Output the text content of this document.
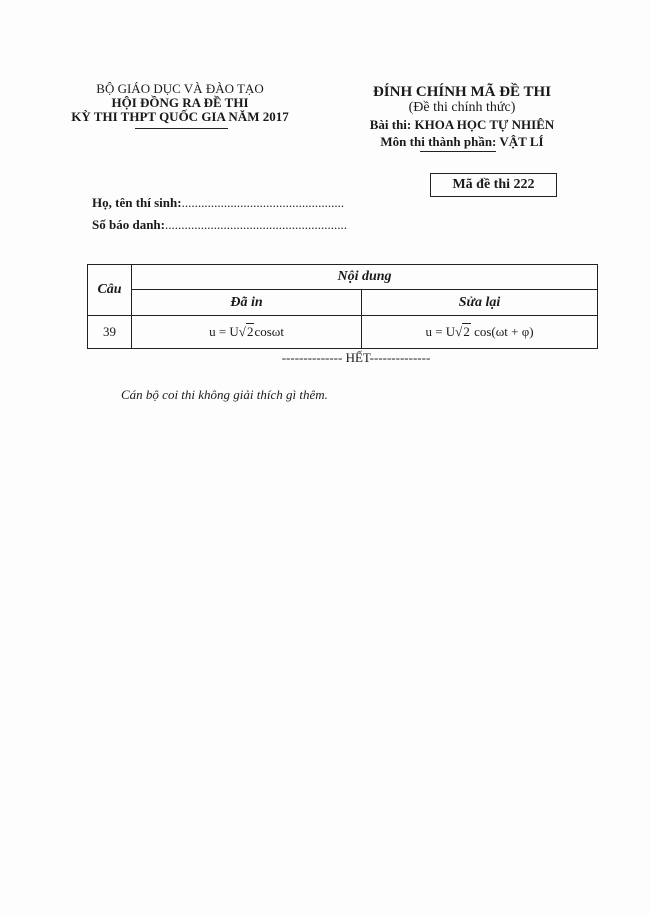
BỘ GIÁO DỤC VÀ ĐÀO TẠO
HỘI ĐỒNG RA ĐỀ THI
KỲ THI THPT QUỐC GIA NĂM 2017
ĐÍNH CHÍNH MÃ ĐỀ THI
(Đề thi chính thức)
Bài thi: KHOA HỌC TỰ NHIÊN
Môn thi thành phần: VẬT LÍ
Mã đề thi 222
Họ, tên thí sinh:..................................................
Số báo danh:........................................................
Câu	Nội dung	
	Đã in	Sửa lại
39	u = U√2cosωt	u = U√2 cos(ωt + φ)
-------------- HẾT--------------
Cán bộ coi thi không giải thích gì thêm.
